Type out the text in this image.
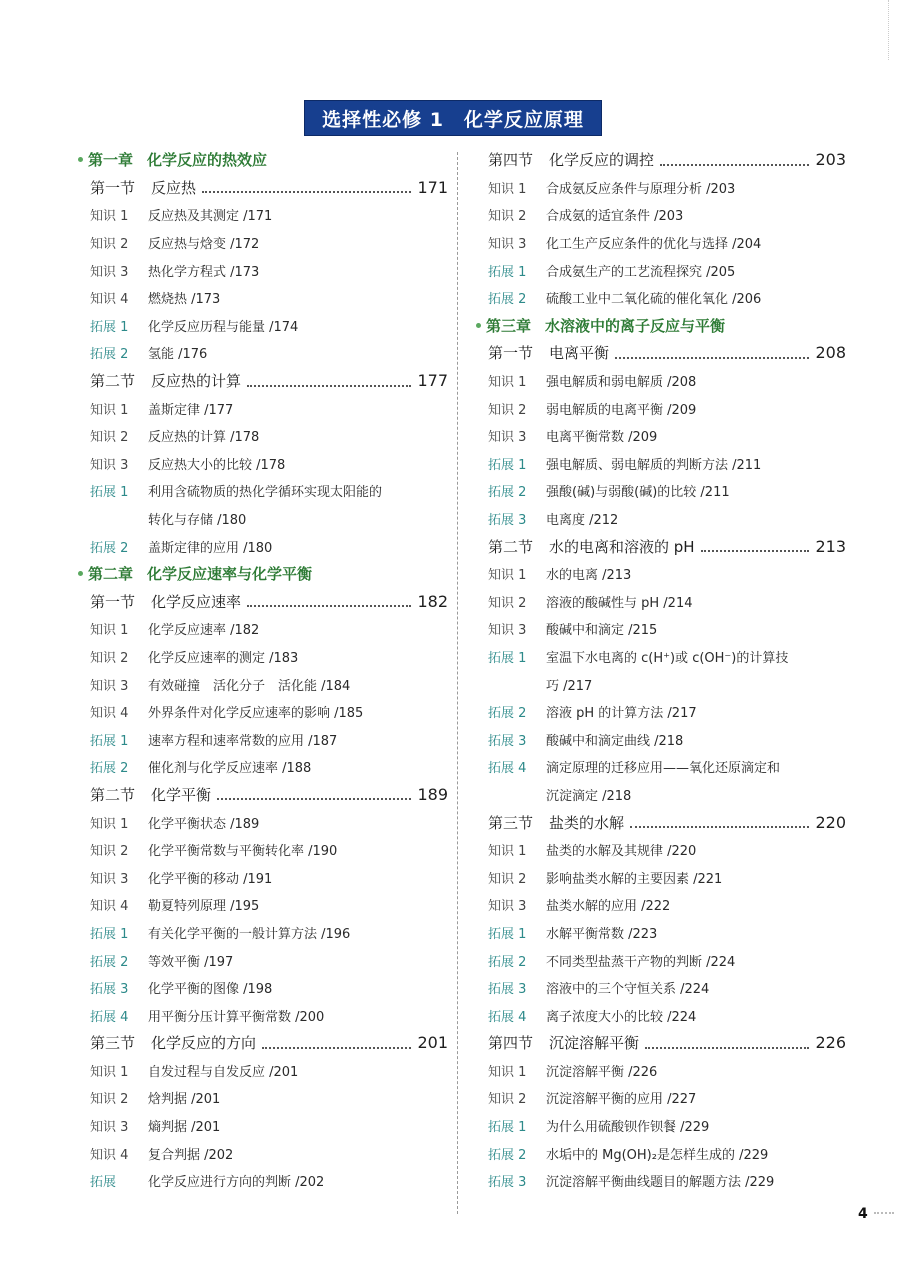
选择性必修 1　化学反应原理
第一章 化学反应的热效应
第一节 反应热	171
知识 1	反应热及其测定 /171
知识 2	反应热与焓变 /172
知识 3	热化学方程式 /173
知识 4	燃烧热 /173
拓展 1	化学反应历程与能量 /174
拓展 2	氢能 /176
第二节 反应热的计算	177
知识 1	盖斯定律 /177
知识 2	反应热的计算 /178
知识 3	反应热大小的比较 /178
拓展 1	利用含硫物质的热化学循环实现太阳能的
转化与存储 /180
拓展 2	盖斯定律的应用 /180
第二章 化学反应速率与化学平衡
第一节 化学反应速率	182
知识 1	化学反应速率 /182
知识 2	化学反应速率的测定 /183
知识 3	有效碰撞　活化分子　活化能 /184
知识 4	外界条件对化学反应速率的影响 /185
拓展 1	速率方程和速率常数的应用 /187
拓展 2	催化剂与化学反应速率 /188
第二节 化学平衡	189
知识 1	化学平衡状态 /189
知识 2	化学平衡常数与平衡转化率 /190
知识 3	化学平衡的移动 /191
知识 4	勒夏特列原理 /195
拓展 1	有关化学平衡的一般计算方法 /196
拓展 2	等效平衡 /197
拓展 3	化学平衡的图像 /198
拓展 4	用平衡分压计算平衡常数 /200
第三节 化学反应的方向	201
知识 1	自发过程与自发反应 /201
知识 2	焓判据 /201
知识 3	熵判据 /201
知识 4	复合判据 /202
拓展	化学反应进行方向的判断 /202
第四节 化学反应的调控	203
知识 1	合成氨反应条件与原理分析 /203
知识 2	合成氨的适宜条件 /203
知识 3	化工生产反应条件的优化与选择 /204
拓展 1	合成氨生产的工艺流程探究 /205
拓展 2	硫酸工业中二氧化硫的催化氧化 /206
第三章 水溶液中的离子反应与平衡
第一节 电离平衡	208
知识 1	强电解质和弱电解质 /208
知识 2	弱电解质的电离平衡 /209
知识 3	电离平衡常数 /209
拓展 1	强电解质、弱电解质的判断方法 /211
拓展 2	强酸(碱)与弱酸(碱)的比较 /211
拓展 3	电离度 /212
第二节 水的电离和溶液的 pH	213
知识 1	水的电离 /213
知识 2	溶液的酸碱性与 pH /214
知识 3	酸碱中和滴定 /215
拓展 1	室温下水电离的 c(H⁺)或 c(OH⁻)的计算技
巧 /217
拓展 2	溶液 pH 的计算方法 /217
拓展 3	酸碱中和滴定曲线 /218
拓展 4	滴定原理的迁移应用——氧化还原滴定和
沉淀滴定 /218
第三节 盐类的水解	220
知识 1	盐类的水解及其规律 /220
知识 2	影响盐类水解的主要因素 /221
知识 3	盐类水解的应用 /222
拓展 1	水解平衡常数 /223
拓展 2	不同类型盐蒸干产物的判断 /224
拓展 3	溶液中的三个守恒关系 /224
拓展 4	离子浓度大小的比较 /224
第四节 沉淀溶解平衡	226
知识 1	沉淀溶解平衡 /226
知识 2	沉淀溶解平衡的应用 /227
拓展 1	为什么用硫酸钡作钡餐 /229
拓展 2	水垢中的 Mg(OH)₂是怎样生成的 /229
拓展 3	沉淀溶解平衡曲线题目的解题方法 /229
4
